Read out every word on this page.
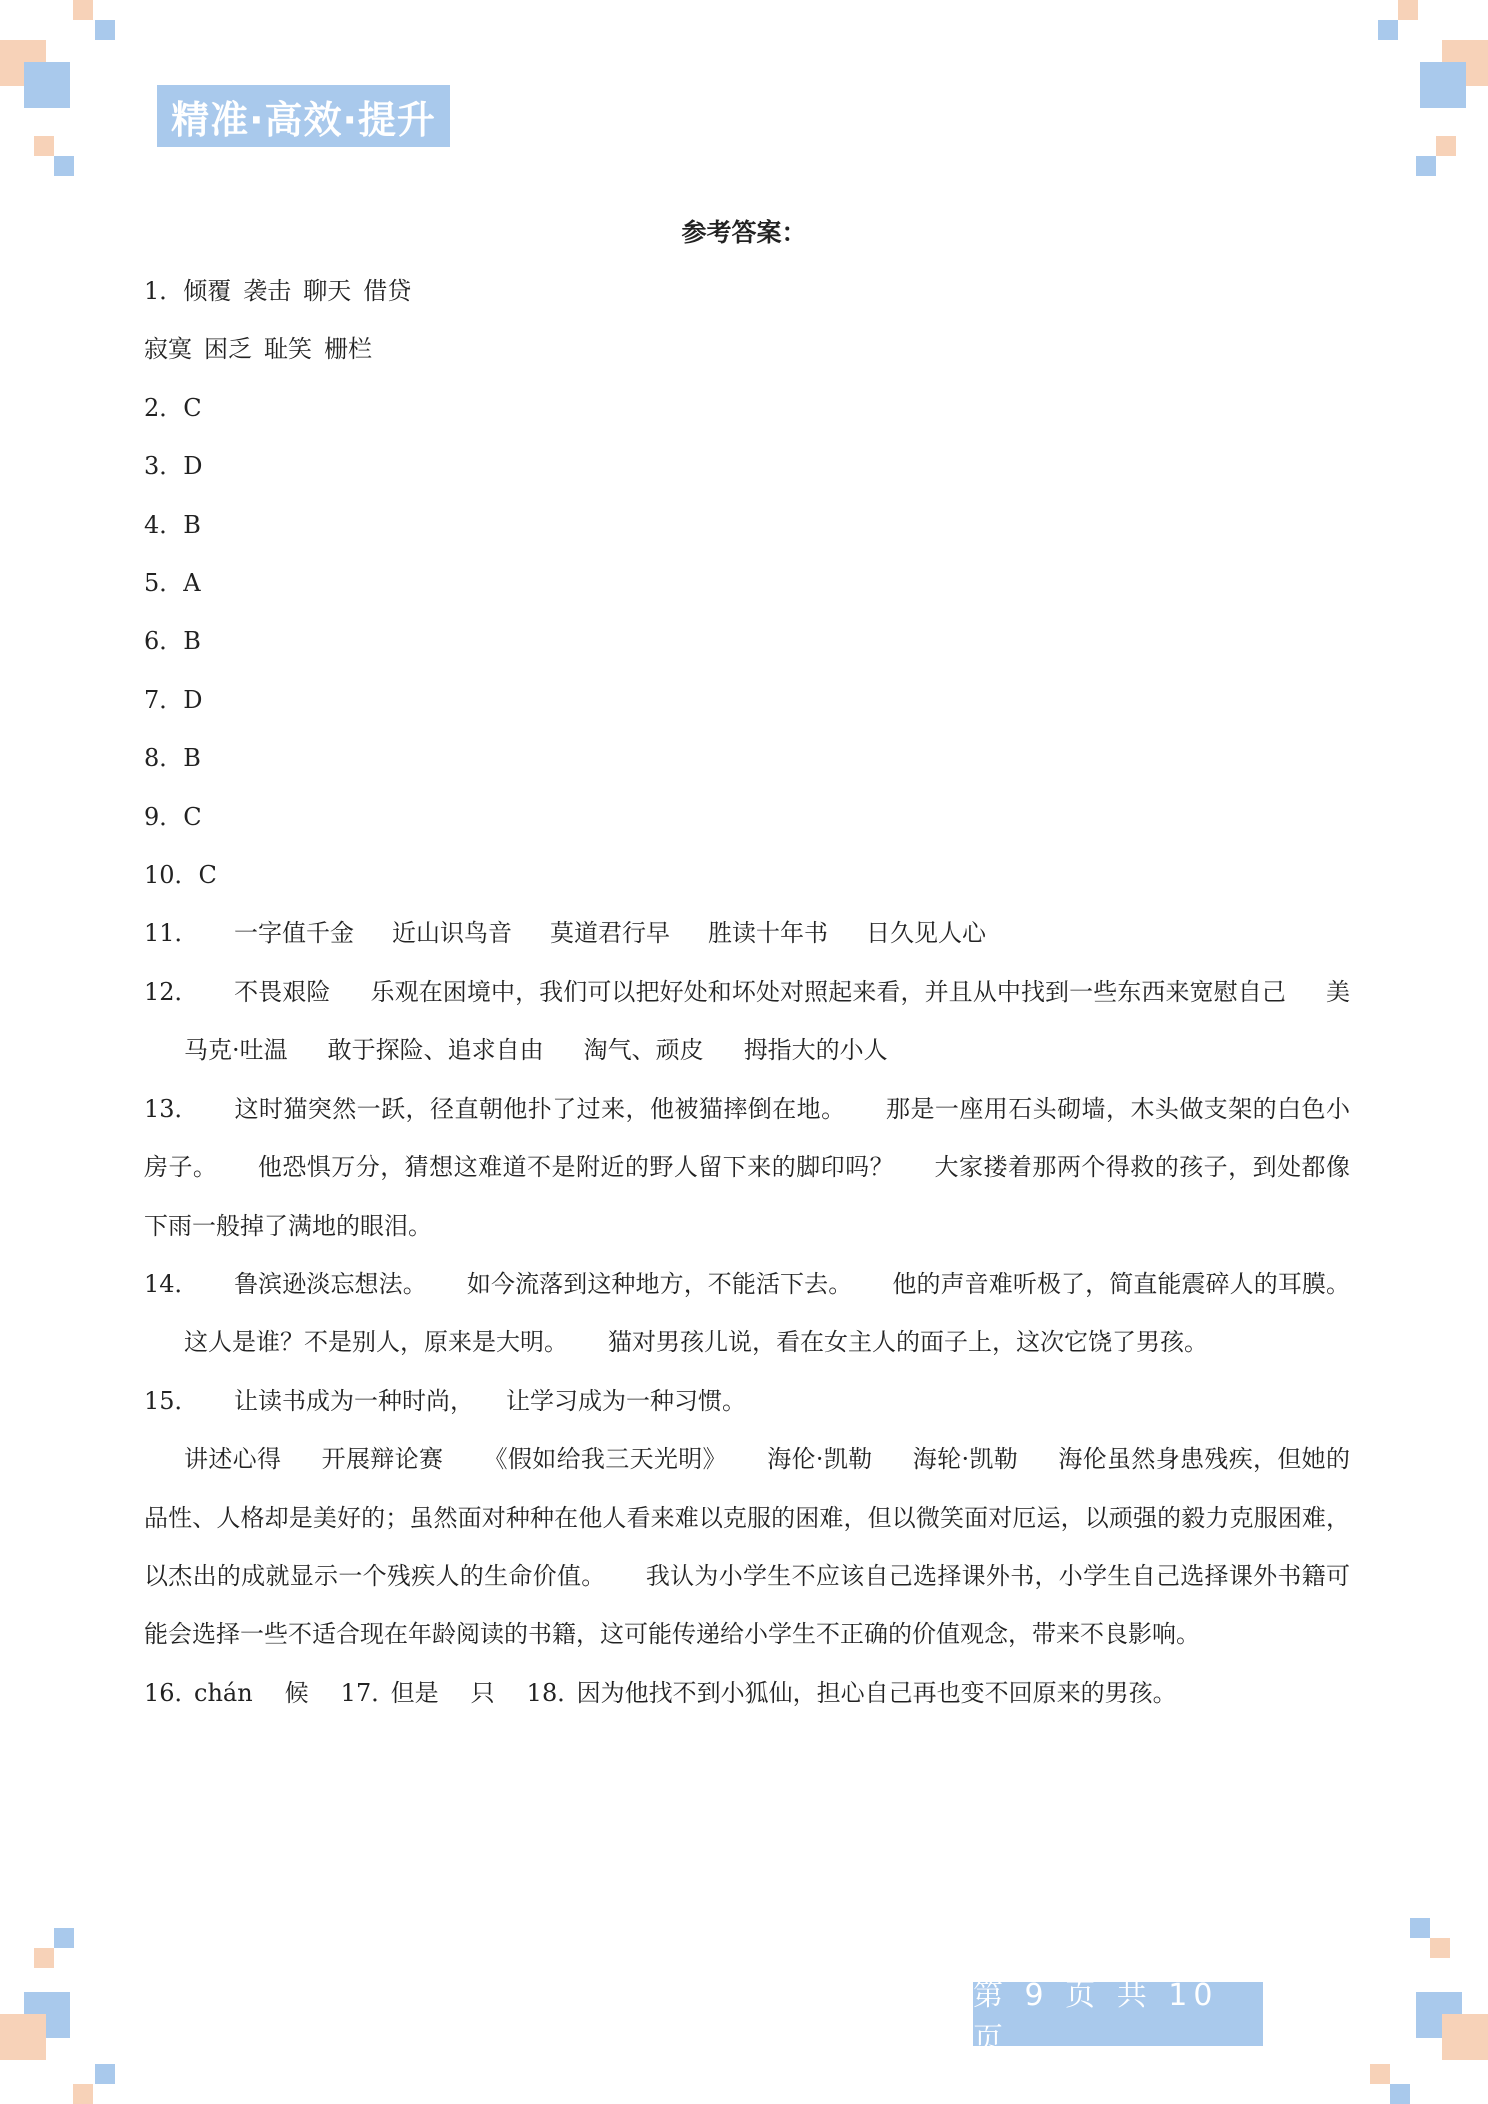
精准·高效·提升
参考答案：
1．倾覆 袭击 聊天 借贷
寂寞 困乏 耻笑 栅栏
2．C
3．D
4．B
5．A
6．B
7．D
8．B
9．C
10．C
11． 一字值千金 近山识鸟音 莫道君行早 胜读十年书 日久见人心
12． 不畏艰险 乐观在困境中，我们可以把好处和坏处对照起来看，并且从中找到一些东西来宽慰自己 美马克·吐温 敢于探险、追求自由 淘气、顽皮 拇指大的小人
13． 这时猫突然一跃，径直朝他扑了过来，他被猫摔倒在地。 那是一座用石头砌墙，木头做支架的白色小房子。 他恐惧万分，猜想这难道不是附近的野人留下来的脚印吗？ 大家搂着那两个得救的孩子，到处都像下雨一般掉了满地的眼泪。
14． 鲁滨逊淡忘想法。 如今流落到这种地方，不能活下去。 他的声音难听极了，简直能震碎人的耳膜。这人是谁？不是别人，原来是大明。 猫对男孩儿说，看在女主人的面子上，这次它饶了男孩。
15． 让读书成为一种时尚， 让学习成为一种习惯。
讲述心得 开展辩论赛 《假如给我三天光明》 海伦·凯勒 海轮·凯勒 海伦虽然身患残疾，但她的品性、人格却是美好的；虽然面对种种在他人看来难以克服的困难，但以微笑面对厄运，以顽强的毅力克服困难，以杰出的成就显示一个残疾人的生命价值。 我认为小学生不应该自己选择课外书，小学生自己选择课外书籍可能会选择一些不适合现在年龄阅读的书籍，这可能传递给小学生不正确的价值观念，带来不良影响。
16．chán 候 17．但是 只 18．因为他找不到小狐仙，担心自己再也变不回原来的男孩。
第 9 页 共 10 页
